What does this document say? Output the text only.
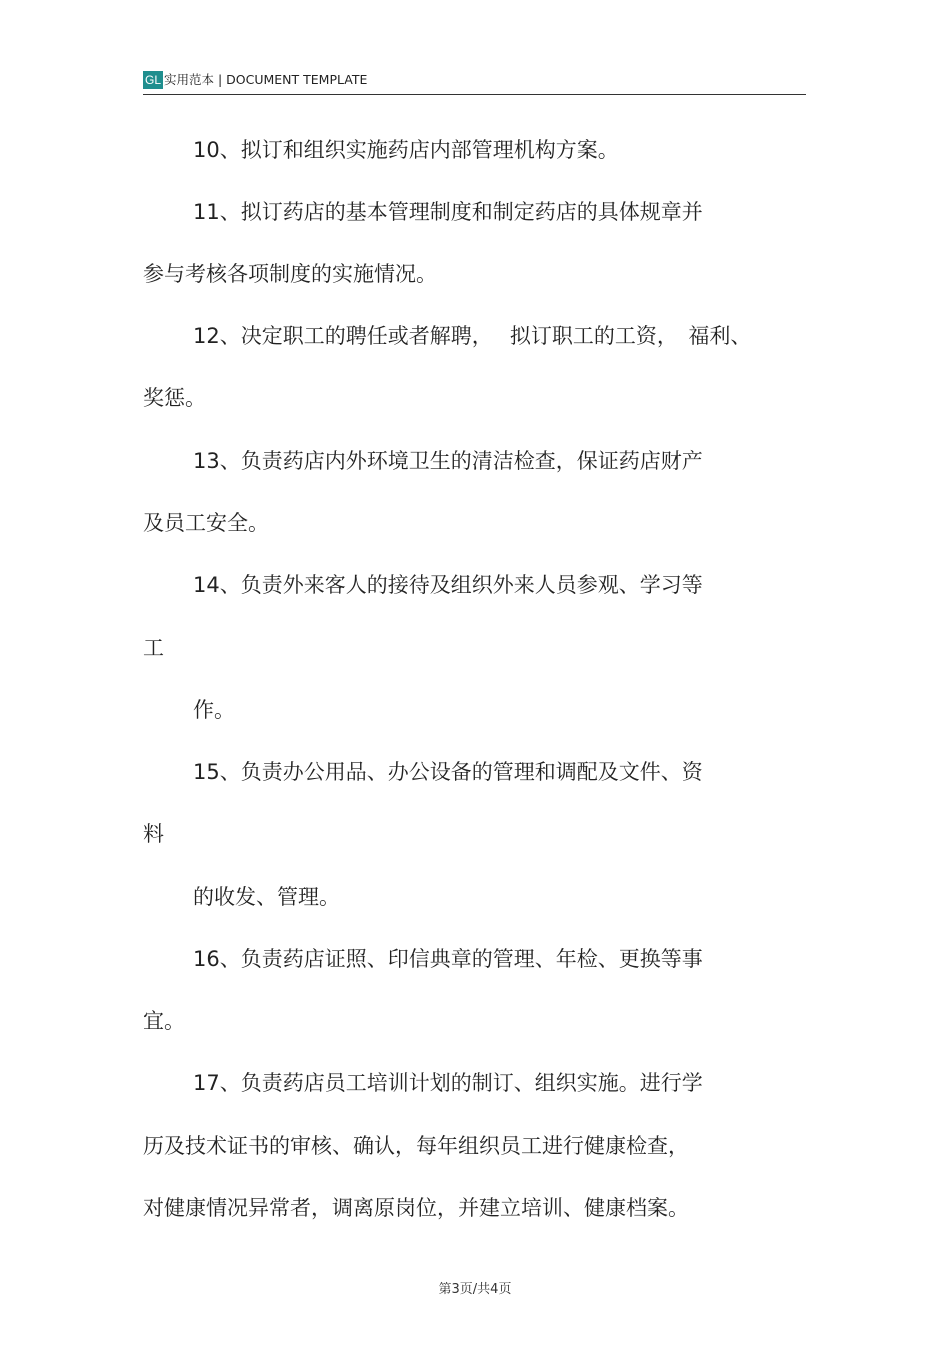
GL 实用范本 | DOCUMENT TEMPLATE
10、拟订和组织实施药店内部管理机构方案。
11、拟订药店的基本管理制度和制定药店的具体规章并
参与考核各项制度的实施情况。
12、决定职工的聘任或者解聘，　 拟订职工的工资，　福利、
奖惩。
13、负责药店内外环境卫生的清洁检查，保证药店财产
及员工安全。
14、负责外来客人的接待及组织外来人员参观、学习等
工
作。
15、负责办公用品、办公设备的管理和调配及文件、资
料
的收发、管理。
16、负责药店证照、印信典章的管理、年检、更换等事
宜。
17、负责药店员工培训计划的制订、组织实施。进行学
历及技术证书的审核、确认，每年组织员工进行健康检查，
对健康情况异常者，调离原岗位，并建立培训、健康档案。
第3页/共4页
